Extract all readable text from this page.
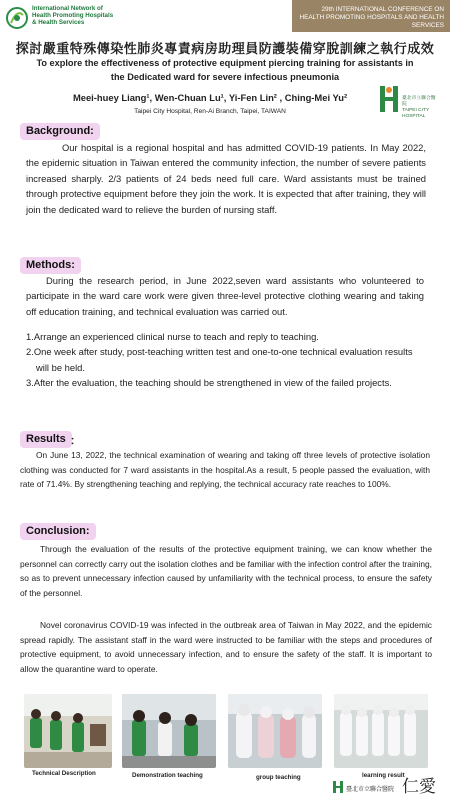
International Network of
Health Promoting Hospitals
& Health Services
29th INTERNATIONAL CONFERENCE ON
HEALTH PROMOTING HOSPITALS AND HEALTH SERVICES
探討嚴重特殊傳染性肺炎專責病房助理員防護裝備穿脫訓練之執行成效
To explore the effectiveness of protective equipment piercing training for assistants in
the Dedicated ward for severe infectious pneumonia
Meei-huey Liang¹, Wen-Chuan Lu¹, Yi-Fen Lin² , Ching-Mei Yu²
Taipei City Hospital, Ren-Ai Branch, Taipei, TAIWAN
臺北市立聯合醫院
TAIPEI CITY HOSPITAL
Background:
Our hospital is a regional hospital and has admitted COVID-19 patients. In May 2022, the epidemic situation in Taiwan entered the community infection, the number of severe patients increased sharply. 2/3 patients of 24 beds need full care. Ward assistants must be trained through protective equipment before they join the work. It is expected that after training, they will join the dedicated ward to relieve the burden of nursing staff.
Methods:
During the research period, in June 2022,seven ward assistants who volunteered to participate in the ward care work were given three-level protective clothing wearing and taking off education training, and technical evaluation was carried out.
1.Arrange an experienced clinical nurse to teach and reply to teaching.
2.One week after study, post-teaching written test and one-to-one technical evaluation results will be held.
3.After the evaluation, the teaching should be strengthened in view of the failed projects.
Results ：
On June 13, 2022, the technical examination of wearing and taking off three levels of protective isolation clothing was conducted for 7 ward assistants in the hospital.As a result, 5 people passed the evaluation, with rate of 71.4%. By strengthening teaching and replying, the technical accuracy rate reaches to 100%.
Conclusion:
Through the evaluation of the results of the protective equipment training, we can know whether the personnel can correctly carry out the isolation clothes and be familiar with the infection control after the training, so as to prevent unnecessary infection caused by unfamiliarity with the technical process, to ensure the safety of the personnel.
Novel coronavirus COVID-19 was infected in the outbreak area of Taiwan in May 2022, and the epidemic spread rapidly. The assistant staff in the ward were instructed to be familiar with the steps and procedures of protective equipment, to avoid unnecessary infection, and to ensure the safety of the staff. It is important to allow the quarantine ward to operate.
Technical Description	Demonstration teaching	group teaching	learning result
臺北市立聯合醫院 仁愛
